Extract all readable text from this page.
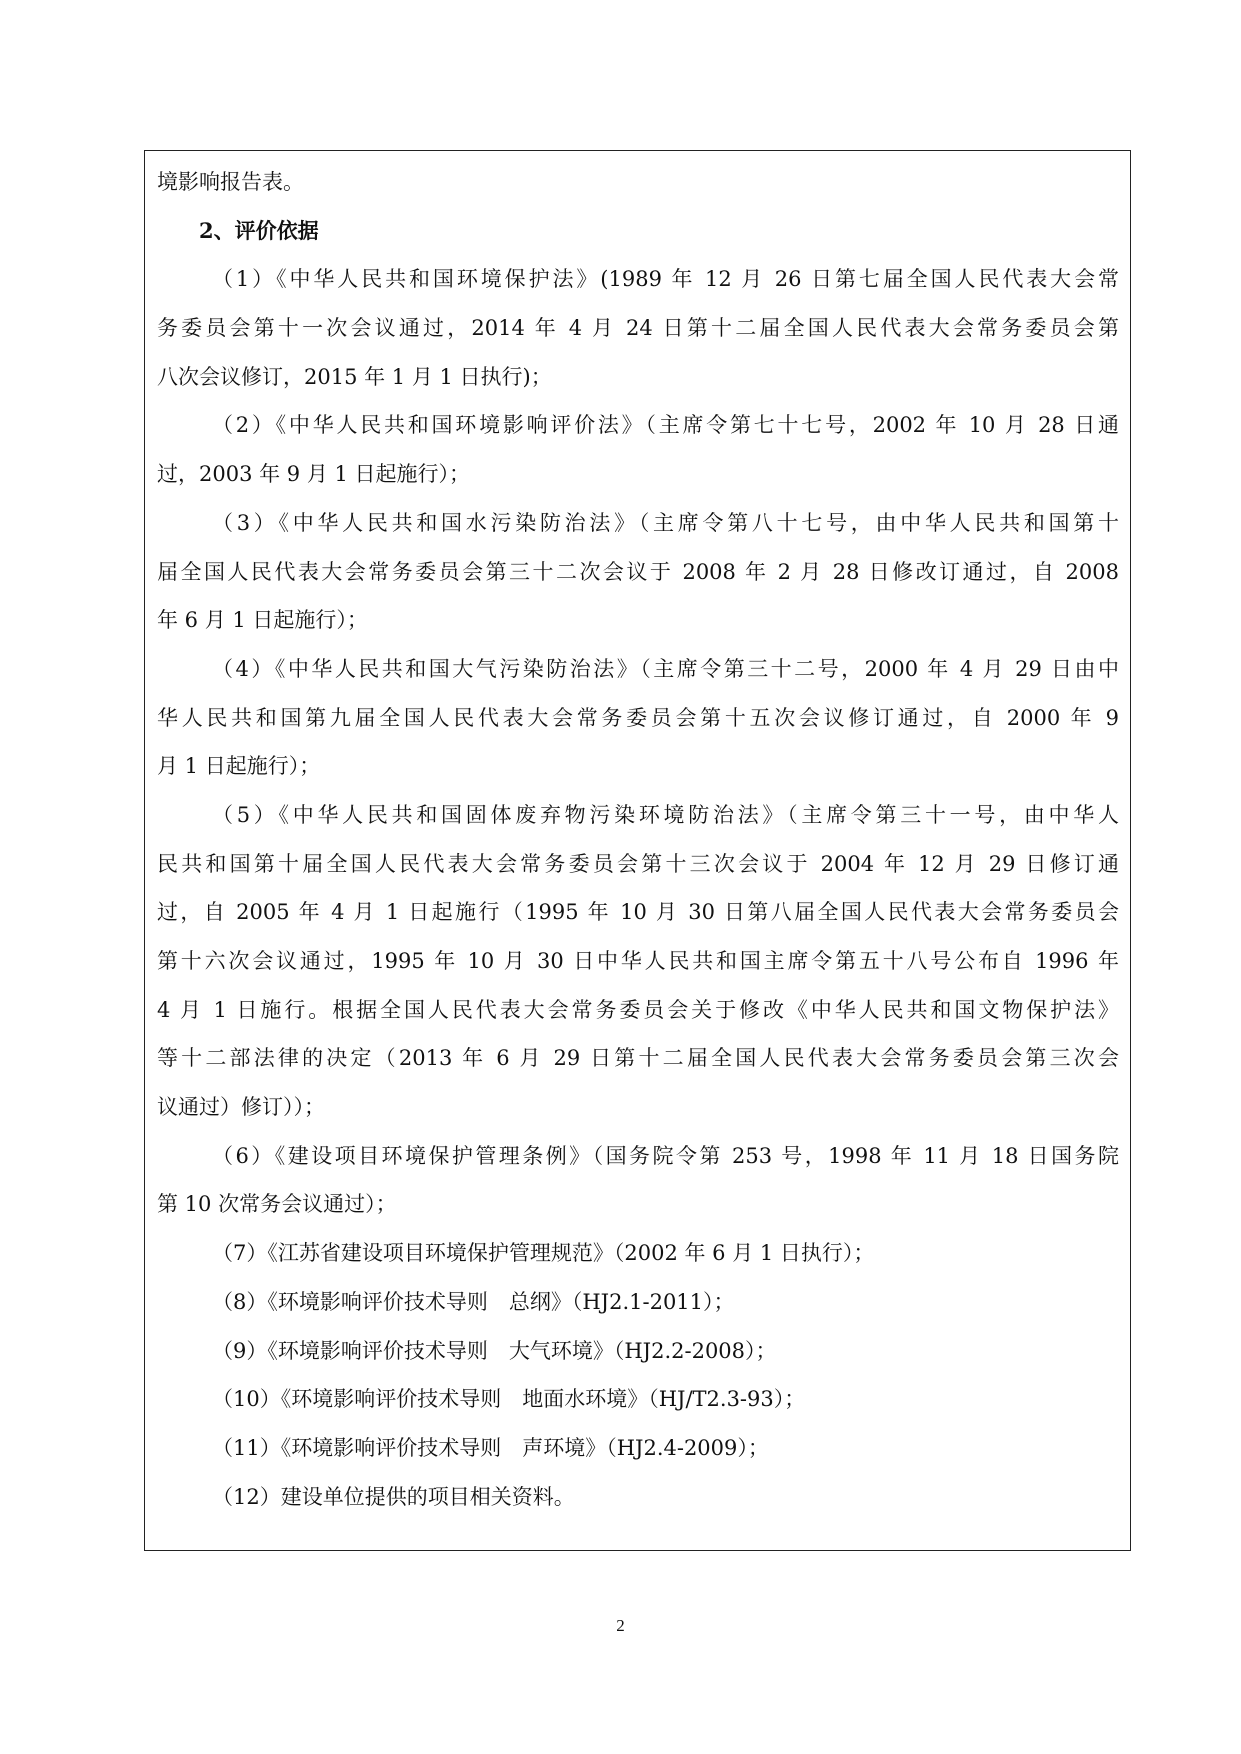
境影响报告表。
2、评价依据
（1）《中华人民共和国环境保护法》(1989 年 12 月 26 日第七届全国人民代表大会常
务委员会第十一次会议通过，2014 年 4 月 24 日第十二届全国人民代表大会常务委员会第
八次会议修订，2015 年 1 月 1 日执行)；
（2）《中华人民共和国环境影响评价法》（主席令第七十七号，2002 年 10 月 28 日通
过，2003 年 9 月 1 日起施行）；
（3）《中华人民共和国水污染防治法》（主席令第八十七号，由中华人民共和国第十
届全国人民代表大会常务委员会第三十二次会议于 2008 年 2 月 28 日修改订通过，自 2008
年 6 月 1 日起施行）；
（4）《中华人民共和国大气污染防治法》（主席令第三十二号，2000 年 4 月 29 日由中
华人民共和国第九届全国人民代表大会常务委员会第十五次会议修订通过，自 2000 年 9
月 1 日起施行）；
（5）《中华人民共和国固体废弃物污染环境防治法》（主席令第三十一号，由中华人
民共和国第十届全国人民代表大会常务委员会第十三次会议于 2004 年 12 月 29 日修订通
过，自 2005 年 4 月 1 日起施行（1995 年 10 月 30 日第八届全国人民代表大会常务委员会
第十六次会议通过，1995 年 10 月 30 日中华人民共和国主席令第五十八号公布自 1996 年
4 月 1 日施行。根据全国人民代表大会常务委员会关于修改《中华人民共和国文物保护法》
等十二部法律的决定（2013 年 6 月 29 日第十二届全国人民代表大会常务委员会第三次会
议通过）修订））；
（6）《建设项目环境保护管理条例》（国务院令第 253 号，1998 年 11 月 18 日国务院
第 10 次常务会议通过）；
（7）《江苏省建设项目环境保护管理规范》（2002 年 6 月 1 日执行）；
（8）《环境影响评价技术导则　总纲》（HJ2.1-2011）；
（9）《环境影响评价技术导则　大气环境》（HJ2.2-2008）；
（10）《环境影响评价技术导则　地面水环境》（HJ/T2.3-93）；
（11）《环境影响评价技术导则　声环境》（HJ2.4-2009）；
（12）建设单位提供的项目相关资料。
2
